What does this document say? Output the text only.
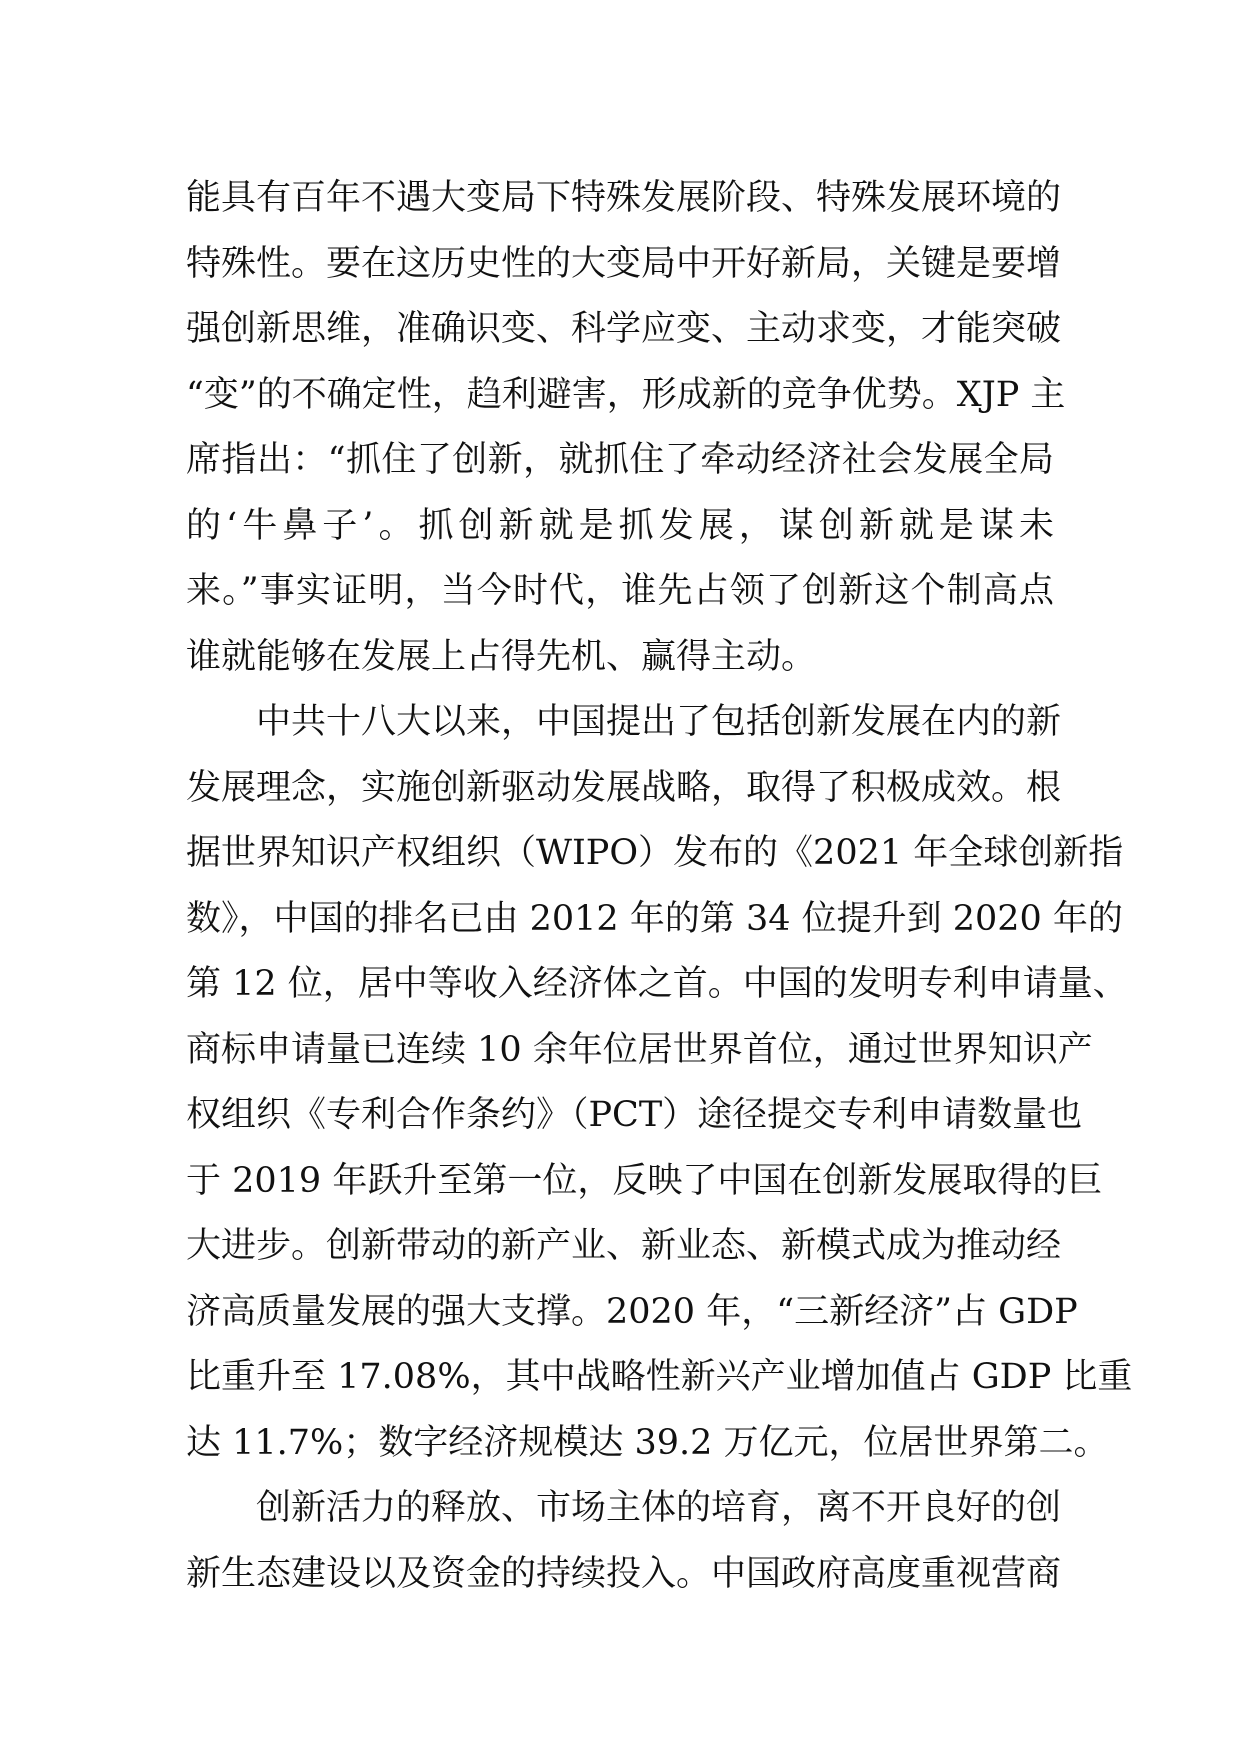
能具有百年不遇大变局下特殊发展阶段、特殊发展环境的
特殊性。要在这历史性的大变局中开好新局，关键是要增
强创新思维，准确识变、科学应变、主动求变，才能突破
“变”的不确定性，趋利避害，形成新的竞争优势。XJP 主
席指出：“抓住了创新，就抓住了牵动经济社会发展全局
的‘牛鼻子’。抓创新就是抓发展，谋创新就是谋未
来。”事实证明，当今时代，谁先占领了创新这个制高点
谁就能够在发展上占得先机、赢得主动。
中共十八大以来，中国提出了包括创新发展在内的新
发展理念，实施创新驱动发展战略，取得了积极成效。根
据世界知识产权组织（WIPO）发布的《2021 年全球创新指
数》，中国的排名已由 2012 年的第 34 位提升到 2020 年的
第 12 位，居中等收入经济体之首。中国的发明专利申请量、
商标申请量已连续 10 余年位居世界首位，通过世界知识产
权组织《专利合作条约》（PCT）途径提交专利申请数量也
于 2019 年跃升至第一位，反映了中国在创新发展取得的巨
大进步。创新带动的新产业、新业态、新模式成为推动经
济高质量发展的强大支撑。2020 年，“三新经济”占 GDP
比重升至 17.08%，其中战略性新兴产业增加值占 GDP 比重
达 11.7%；数字经济规模达 39.2 万亿元，位居世界第二。
创新活力的释放、市场主体的培育，离不开良好的创
新生态建设以及资金的持续投入。中国政府高度重视营商
